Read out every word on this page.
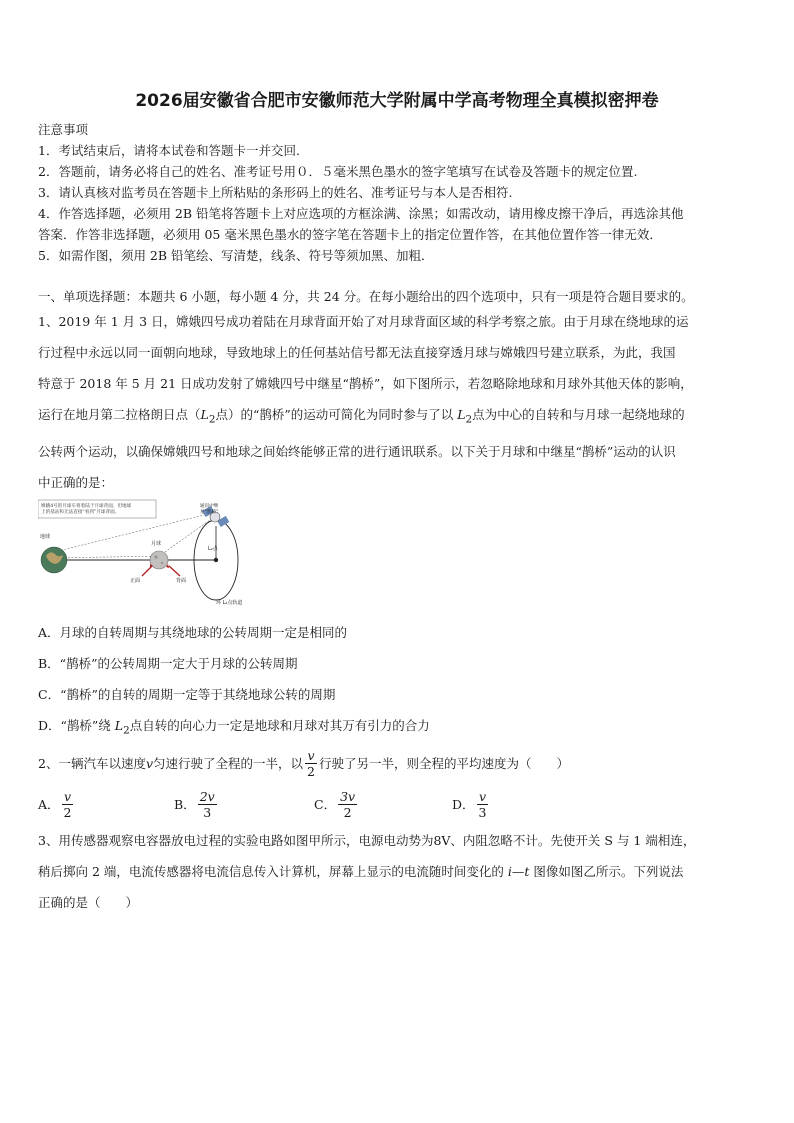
2026届安徽省合肥市安徽师范大学附属中学高考物理全真模拟密押卷
注意事项
1．考试结束后，请将本试卷和答题卡一并交回.
2．答题前，请务必将自己的姓名、准考证号用０．５毫米黑色墨水的签字笔填写在试卷及答题卡的规定位置.
3．请认真核对监考员在答题卡上所粘贴的条形码上的姓名、准考证号与本人是否相符.
4．作答选择题，必须用 2B 铅笔将答题卡上对应选项的方框涂满、涂黑；如需改动，请用橡皮擦干净后，再选涂其他
答案．作答非选择题，必须用 05 毫米黑色墨水的签字笔在答题卡上的指定位置作答，在其他位置作答一律无效．
5．如需作图，须用 2B 铅笔绘、写清楚，线条、符号等须加黑、加粗．
一、单项选择题：本题共 6 小题，每小题 4 分，共 24 分。在每小题给出的四个选项中，只有一项是符合题目要求的。
1、2019 年 1 月 3 日，嫦娥四号成功着陆在月球背面开始了对月球背面区域的科学考察之旅。由于月球在绕地球的运
行过程中永远以同一面朝向地球，导致地球上的任何基站信号都无法直接穿透月球与嫦娥四号建立联系，为此，我国
特意于 2018 年 5 月 21 日成功发射了嫦娥四号中继星“鹊桥”，如下图所示，若忽略除地球和月球外其他天体的影响，
运行在地月第二拉格朗日点（$L_2$点）的“鹊桥”的运动可简化为同时参与了以 $L_2$点为中心的自转和与月球一起绕地球的
公转两个运动，以确保嫦娥四号和地球之间始终能够正常的进行通讯联系。以下关于月球和中继星“鹊桥”运动的认识
中正确的是：
嫦娥4号的月球车将着陆于月球背面，但地球 上的基站和无法直接“看到”月球背面。
地球
月球
通讯中继 星“鹊桥”
L₂点
正面	背面
环 L₂点轨道
A．月球的自转周期与其绕地球的公转周期一定是相同的
B．“鹊桥”的公转周期一定大于月球的公转周期
C．“鹊桥”的自转的周期一定等于其绕地球公转的周期
D．“鹊桥”绕 $L_2$点自转的向心力一定是地球和月球对其万有引力的合力
2、一辆汽车以速度 v 匀速行驶了全程的一半，以 $\frac{v}{2}$ 行驶了另一半，则全程的平均速度为（　　）
A． $\frac{v}{2}$	B． $\frac{2v}{3}$	C． $\frac{3v}{2}$	D． $\frac{v}{3}$
3、用传感器观察电容器放电过程的实验电路如图甲所示，电源电动势为8V、内阻忽略不计。先使开关 S 与 1 端相连，
稍后掷向 2 端，电流传感器将电流信息传入计算机，屏幕上显示的电流随时间变化的 i—t 图像如图乙所示。下列说法
正确的是（　　）
